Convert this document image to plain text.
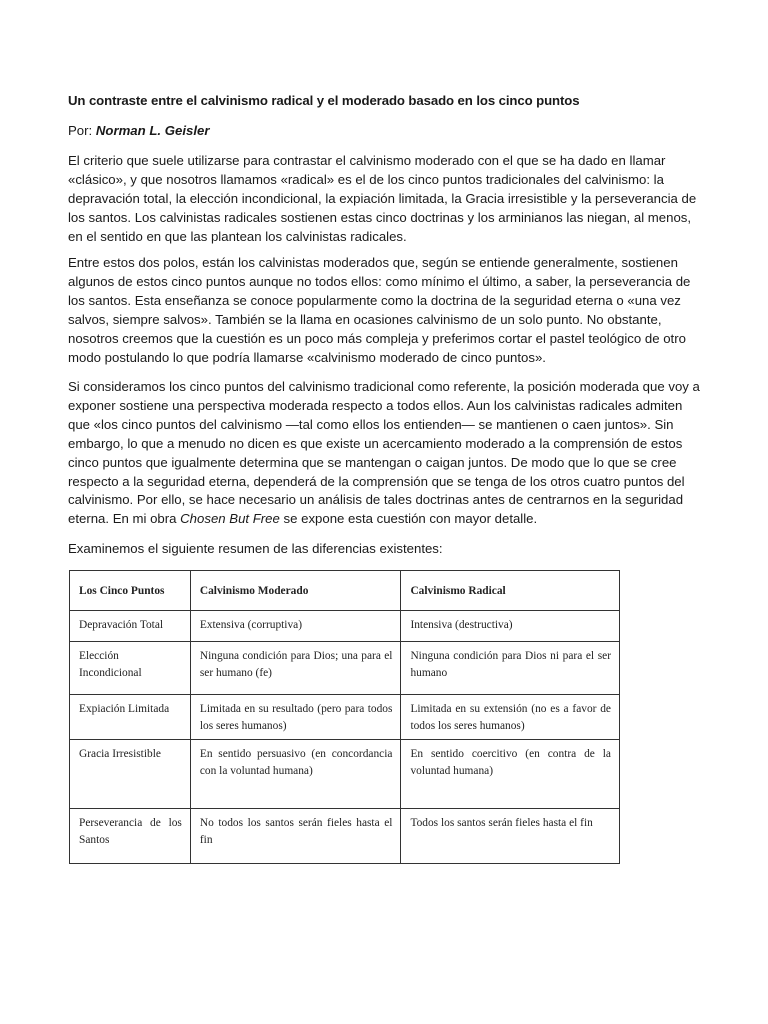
Un contraste entre el calvinismo radical y el moderado basado en los cinco puntos
Por: Norman L. Geisler

El criterio que suele utilizarse para contrastar el calvinismo moderado con el que se ha dado en llamar «clásico», y que nosotros llamamos «radical» es el de los cinco puntos tradicionales del calvinismo: la depravación total, la elección incondicional, la expiación limitada, la Gracia irresistible y la perseverancia de los santos. Los calvinistas radicales sostienen estas cinco doctrinas y los arminianos las niegan, al menos, en el sentido en que las plantean los calvinistas radicales.

Entre estos dos polos, están los calvinistas moderados que, según se entiende generalmente, sostienen algunos de estos cinco puntos aunque no todos ellos: como mínimo el último, a saber, la perseverancia de los santos. Esta enseñanza se conoce popularmente como la doctrina de la seguridad eterna o «una vez salvos, siempre salvos». También se la llama en ocasiones calvinismo de un solo punto. No obstante, nosotros creemos que la cuestión es un poco más compleja y preferimos cortar el pastel teológico de otro modo postulando lo que podría llamarse «calvinismo moderado de cinco puntos».

Si consideramos los cinco puntos del calvinismo tradicional como referente, la posición moderada que voy a exponer sostiene una perspectiva moderada respecto a todos ellos. Aun los calvinistas radicales admiten que «los cinco puntos del calvinismo —tal como ellos los entienden— se mantienen o caen juntos». Sin embargo, lo que a menudo no dicen es que existe un acercamiento moderado a la comprensión de estos cinco puntos que igualmente determina que se mantengan o caigan juntos. De modo que lo que se cree respecto a la seguridad eterna, dependerá de la comprensión que se tenga de los otros cuatro puntos del calvinismo. Por ello, se hace necesario un análisis de tales doctrinas antes de centrarnos en la seguridad eterna. En mi obra Chosen But Free se expone esta cuestión con mayor detalle.

Examinemos el siguiente resumen de las diferencias existentes:

Los Cinco Puntos	Calvinismo Moderado	Calvinismo Radical
Depravación Total	Extensiva (corruptiva)	Intensiva (destructiva)
Elección Incondicional	Ninguna condición para Dios; una para el ser humano (fe)	Ninguna condición para Dios ni para el ser humano
Expiación Limitada	Limitada en su resultado (pero para todos los seres humanos)	Limitada en su extensión (no es a favor de todos los seres humanos)
Gracia Irresistible	En sentido persuasivo (en concordancia con la voluntad humana)	En sentido coercitivo (en contra de la voluntad humana)
Perseverancia de los Santos	No todos los santos serán fieles hasta el fin	Todos los santos serán fieles hasta el fin
